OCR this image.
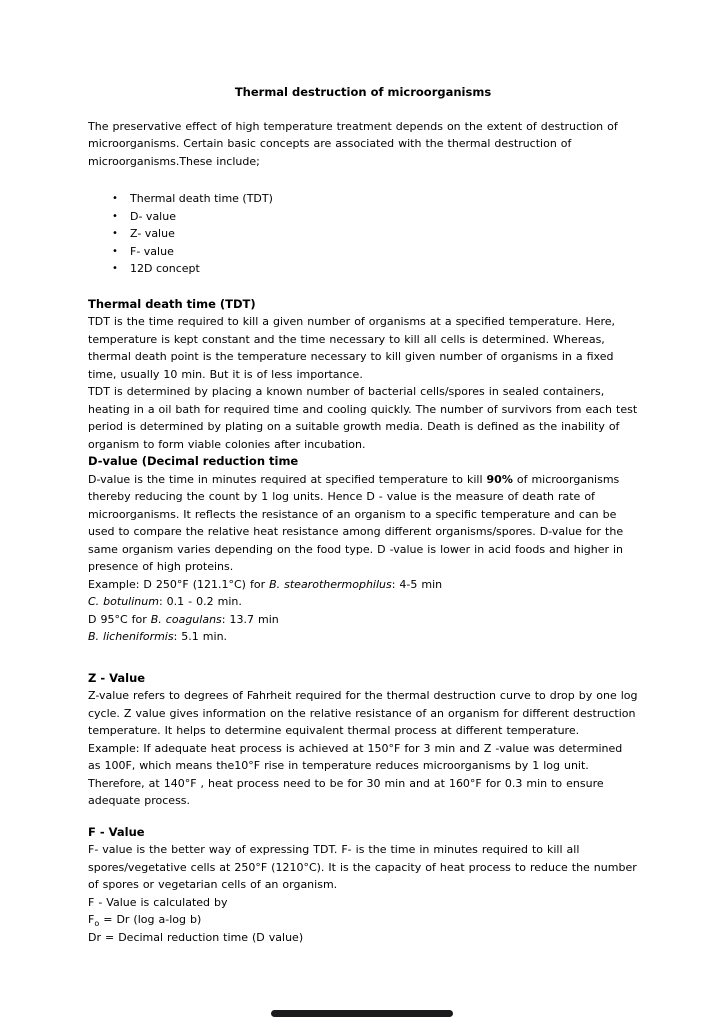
Thermal destruction of microorganisms

The preservative effect of high temperature treatment depends on the extent of destruction of microorganisms. Certain basic concepts are associated with the thermal destruction of microorganisms.These include;

• Thermal death time (TDT)
• D- value
• Z- value
• F- value
• 12D concept
Thermal death time (TDT)

TDT is the time required to kill a given number of organisms at a specified temperature. Here, temperature is kept constant and the time necessary to kill all cells is determined. Whereas, thermal death point is the temperature necessary to kill given number of organisms in a fixed time, usually 10 min. But it is of less importance.

TDT is determined by placing a known number of bacterial cells/spores in sealed containers, heating in a oil bath for required time and cooling quickly. The number of survivors from each test period is determined by plating on a suitable growth media. Death is defined as the inability of organism to form viable colonies after incubation.

D-value (Decimal reduction time

D-value is the time in minutes required at specified temperature to kill 90% of microorganisms thereby reducing the count by 1 log units. Hence D - value is the measure of death rate of microorganisms. It reflects the resistance of an organism to a specific temperature and can be used to compare the relative heat resistance among different organisms/spores. D-value for the same organism varies depending on the food type. D -value is lower in acid foods and higher in presence of high proteins.

Example: D 250°F (121.1°C) for B. stearothermophilus: 4-5 min

C. botulinum: 0.1 - 0.2 min.

D 95°C for B. coagulans: 13.7 min

B. licheniformis: 5.1 min.

Z - Value

Z-value refers to degrees of Fahrheit required for the thermal destruction curve to drop by one log cycle. Z value gives information on the relative resistance of an organism for different destruction temperature. It helps to determine equivalent thermal process at different temperature.

Example: If adequate heat process is achieved at 150°F for 3 min and Z -value was determined as 100F, which means the10°F rise in temperature reduces microorganisms by 1 log unit. Therefore, at 140°F , heat process need to be for 30 min and at 160°F for 0.3 min to ensure adequate process.

F - Value

F- value is the better way of expressing TDT. F- is the time in minutes required to kill all spores/vegetative cells at 250°F (1210°C). It is the capacity of heat process to reduce the number of spores or vegetarian cells of an organism.

F - Value is calculated by

$F_o = Dr$ (log a-log b)

Dr = Decimal reduction time (D value)
